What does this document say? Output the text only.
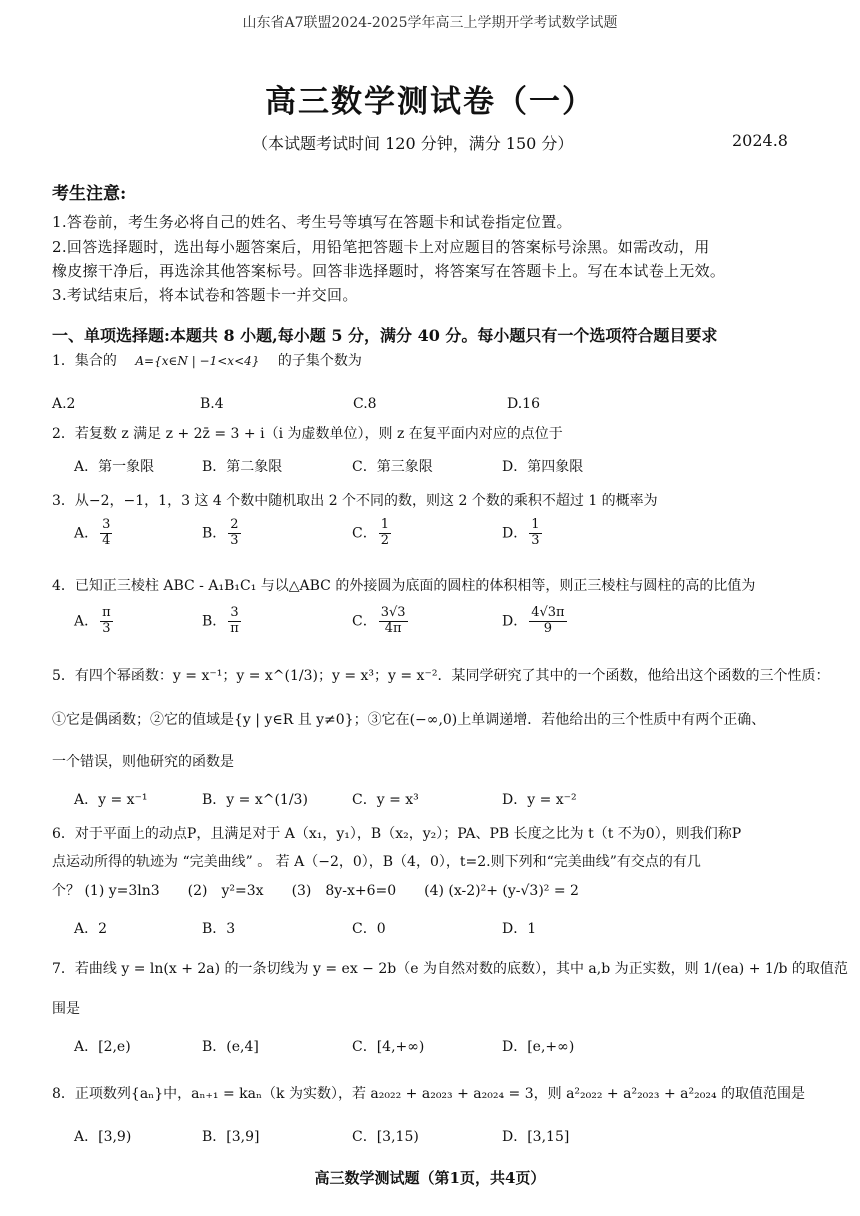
山东省A7联盟2024-2025学年高三上学期开学考试数学试题
高三数学测试卷（一）
（本试题考试时间 120 分钟，满分 150 分）	2024.8
考生注意:
1.答卷前，考生务必将自己的姓名、考生号等填写在答题卡和试卷指定位置。
2.回答选择题时，选出每小题答案后，用铅笔把答题卡上对应题目的答案标号涂黑。如需改动，用
橡皮擦干净后，再选涂其他答案标号。回答非选择题时，将答案写在答题卡上。写在本试卷上无效。
3.考试结束后，将本试卷和答题卡一并交回。
一、单项选择题:本题共 8 小题,每小题 5 分，满分 40 分。每小题只有一个选项符合题目要求
1．集合的 A={x∈N | −1<x<4} 的子集个数为
A.2	B.4	C.8	D.16
2．若复数 z 满足 z + 2z̄ = 3 + i（i 为虚数单位），则 z 在复平面内对应的点位于
A．第一象限	B．第二象限	C．第三象限	D．第四象限
3．从−2，−1，1，3 这 4 个数中随机取出 2 个不同的数，则这 2 个数的乘积不超过 1 的概率为
A． $\frac{3}{4}$	B． $\frac{2}{3}$	C． $\frac{1}{2}$	D． $\frac{1}{3}$
4．已知正三棱柱 ABC - A₁B₁C₁ 与以△ABC 的外接圆为底面的圆柱的体积相等，则正三棱柱与圆柱的高的比值为
A． $\frac{\pi}{3}$	B． $\frac{3}{\pi}$	C． $\frac{3√3}{4\pi}$	D． $\frac{4√3\pi}{9}$
5．有四个幂函数：y = x⁻¹；y = x^(1/3)；y = x³；y = x⁻²．某同学研究了其中的一个函数，他给出这个函数的三个性质：
①它是偶函数；②它的值域是{y | y∈R 且 y≠0}；③它在(−∞,0)上单调递增．若他给出的三个性质中有两个正确、
一个错误，则他研究的函数是
A．y = x⁻¹	B．y = x^(1/3)	C．y = x³	D．y = x⁻²
6．对于平面上的动点P，且满足对于 A（x₁，y₁），B（x₂，y₂）；PA、PB 长度之比为 t（t 不为0），则我们称P
点运动所得的轨迹为 “完美曲线” 。 若 A（−2，0），B（4，0），t=2.则下列和“完美曲线”有交点的有几
个？ (1) y=3ln3　　(2)　y²=3x　　(3)　8y-x+6=0　　(4) (x-2)²+ (y-√3)² = 2
A．2	B．3	C．0	D．1
7．若曲线 y = ln(x + 2a) 的一条切线为 y = ex − 2b（e 为自然对数的底数），其中 a,b 为正实数，则 1/(ea) + 1/b 的取值范
围是
A．[2,e)	B．(e,4]	C．[4,+∞)	D．[e,+∞)
8．正项数列{aₙ}中，aₙ₊₁ = kaₙ（k 为实数），若 a₂₀₂₂ + a₂₀₂₃ + a₂₀₂₄ = 3，则 a²₂₀₂₂ + a²₂₀₂₃ + a²₂₀₂₄ 的取值范围是
A．[3,9)	B．[3,9]	C．[3,15)	D．[3,15]
高三数学测试题（第1页，共4页）
